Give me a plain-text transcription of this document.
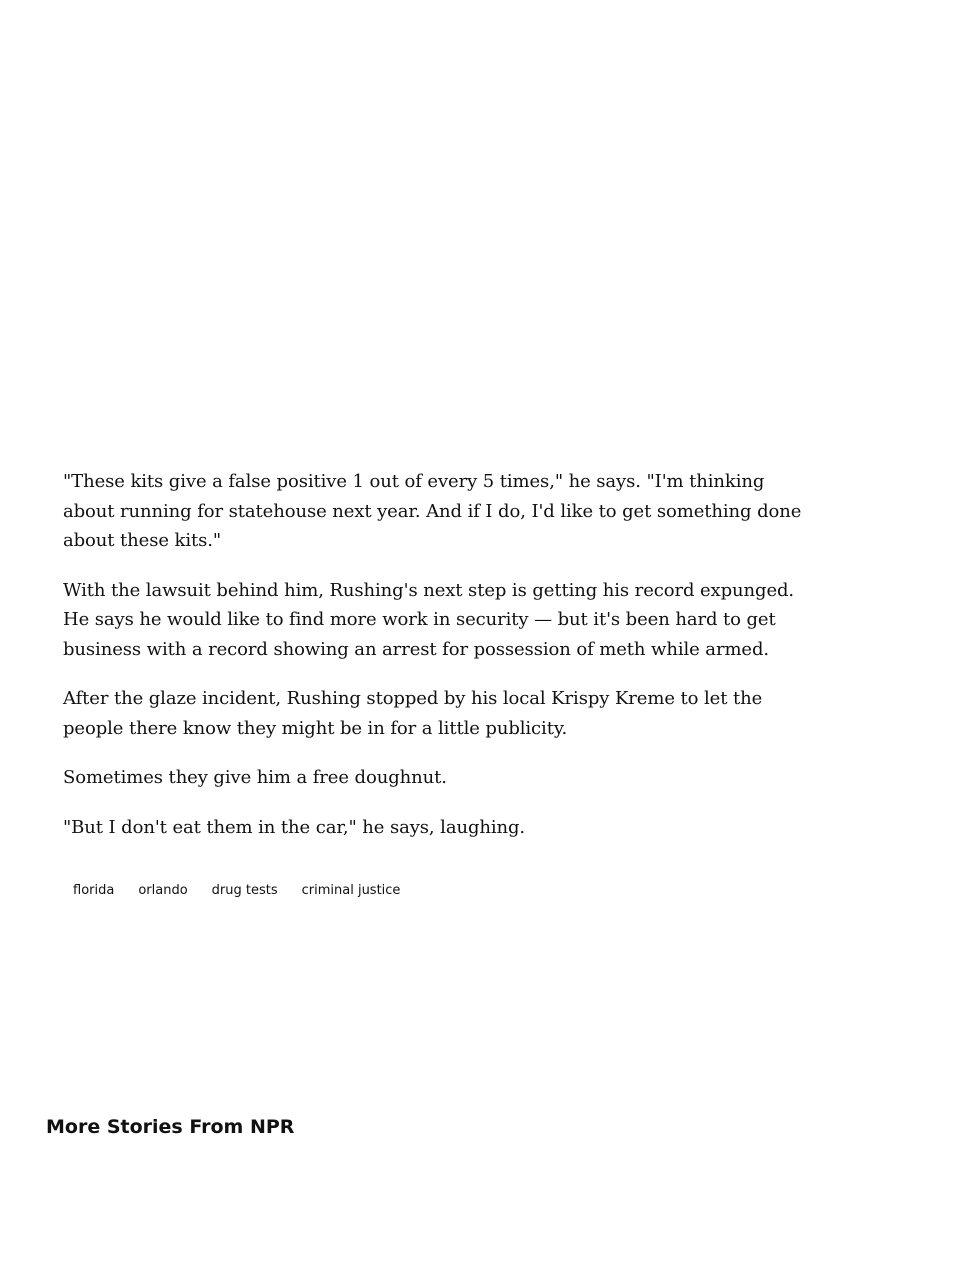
"These kits give a false positive 1 out of every 5 times," he says. "I'm thinking about running for statehouse next year. And if I do, I'd like to get something done about these kits."

With the lawsuit behind him, Rushing's next step is getting his record expunged. He says he would like to find more work in security — but it's been hard to get business with a record showing an arrest for possession of meth while armed.

After the glaze incident, Rushing stopped by his local Krispy Kreme to let the people there know they might be in for a little publicity.

Sometimes they give him a free doughnut.

"But I don't eat them in the car," he says, laughing.

florida	orlando	drug tests	criminal justice
More Stories From NPR
